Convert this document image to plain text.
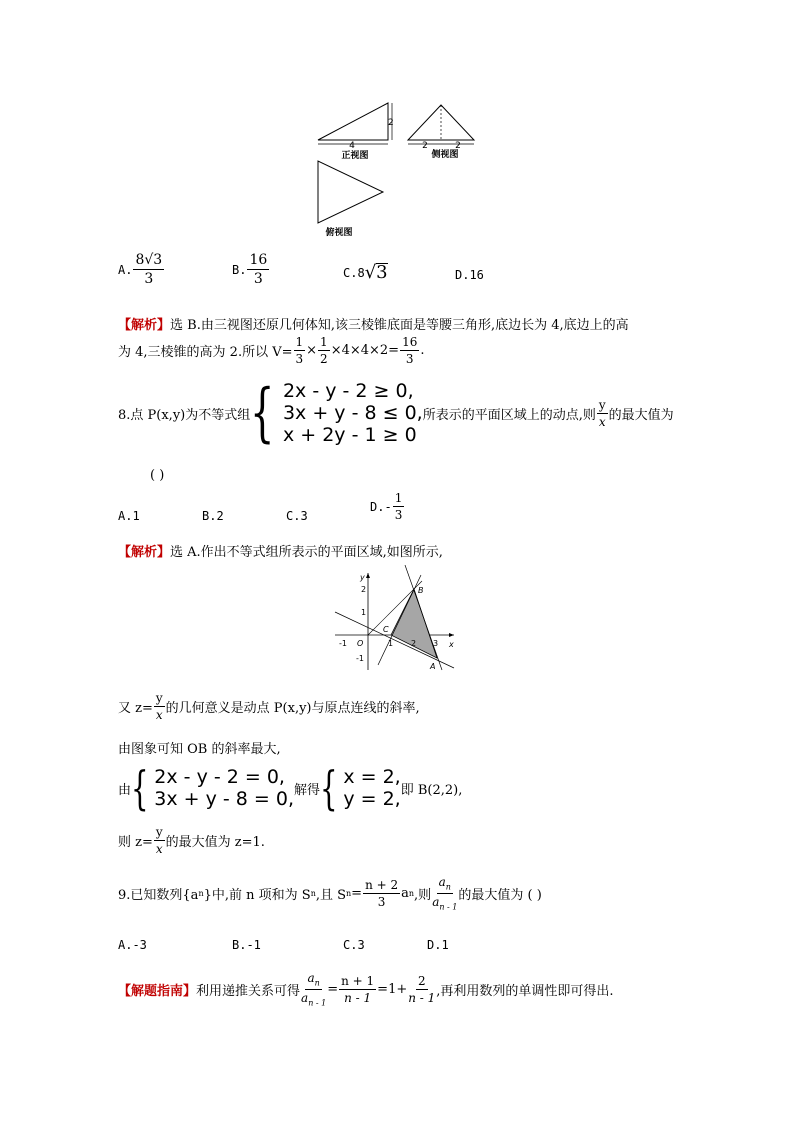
4
2
正视图
2	2
侧视图
俯视图
A. $\frac{8√3}{3}$	B. $\frac{16}{3}$	C.8 √ 3	D.16
【解析】选 B.由三视图还原几何体知,该三棱锥底面是等腰三角形,底边长为 4,底边上的高
为 4,三棱锥的高为 2.所以 $V= \frac{1}{3} \times \frac{1}{2} \times 4\times 4\times 2= \frac{16}{3}$ .
8.点 P(x,y)为不等式组 { 2x - y - 2 ≥ 0,
3x + y - 8 ≤ 0,
x + 2y - 1 ≥ 0
所表示的平面区域上的动点,则 $\frac{y}{x}$ 的最大值为
( )
A.1	B.2	C.3
$D.- \frac{1}{3}$
【解析】选 A.作出不等式组所表示的平面区域,如图所示,
y
x
O
-1	1 2 3
2
1
-1
A
B
C
又 $z= \frac{y}{x}$ 的几何意义是动点 P(x,y)与原点连线的斜率,
由图象可知 OB 的斜率最大,
由 { 2x - y - 2 = 0,
3x + y - 8 = 0, 解得 { x = 2,
y = 2, 即 B(2,2),
则 $z= \frac{y}{x}$ 的最大值为 z=1.
9.已知数列{a n }中,前 n 项和为 S n ,且 S $n = \frac{n + 2}{3}$ a n ,则 $\frac{a_n}{a_{n - 1}}$ 的最大值为 ( )
A.-3	B.-1	C.3	D.1
【解题指南】 利用递推关系可得 $\frac{a_n}{a_{n - 1}} = \frac{n + 1}{n - 1} =1+ \frac{2}{n - 1}$ ,再利用数列的单调性即可得出.
